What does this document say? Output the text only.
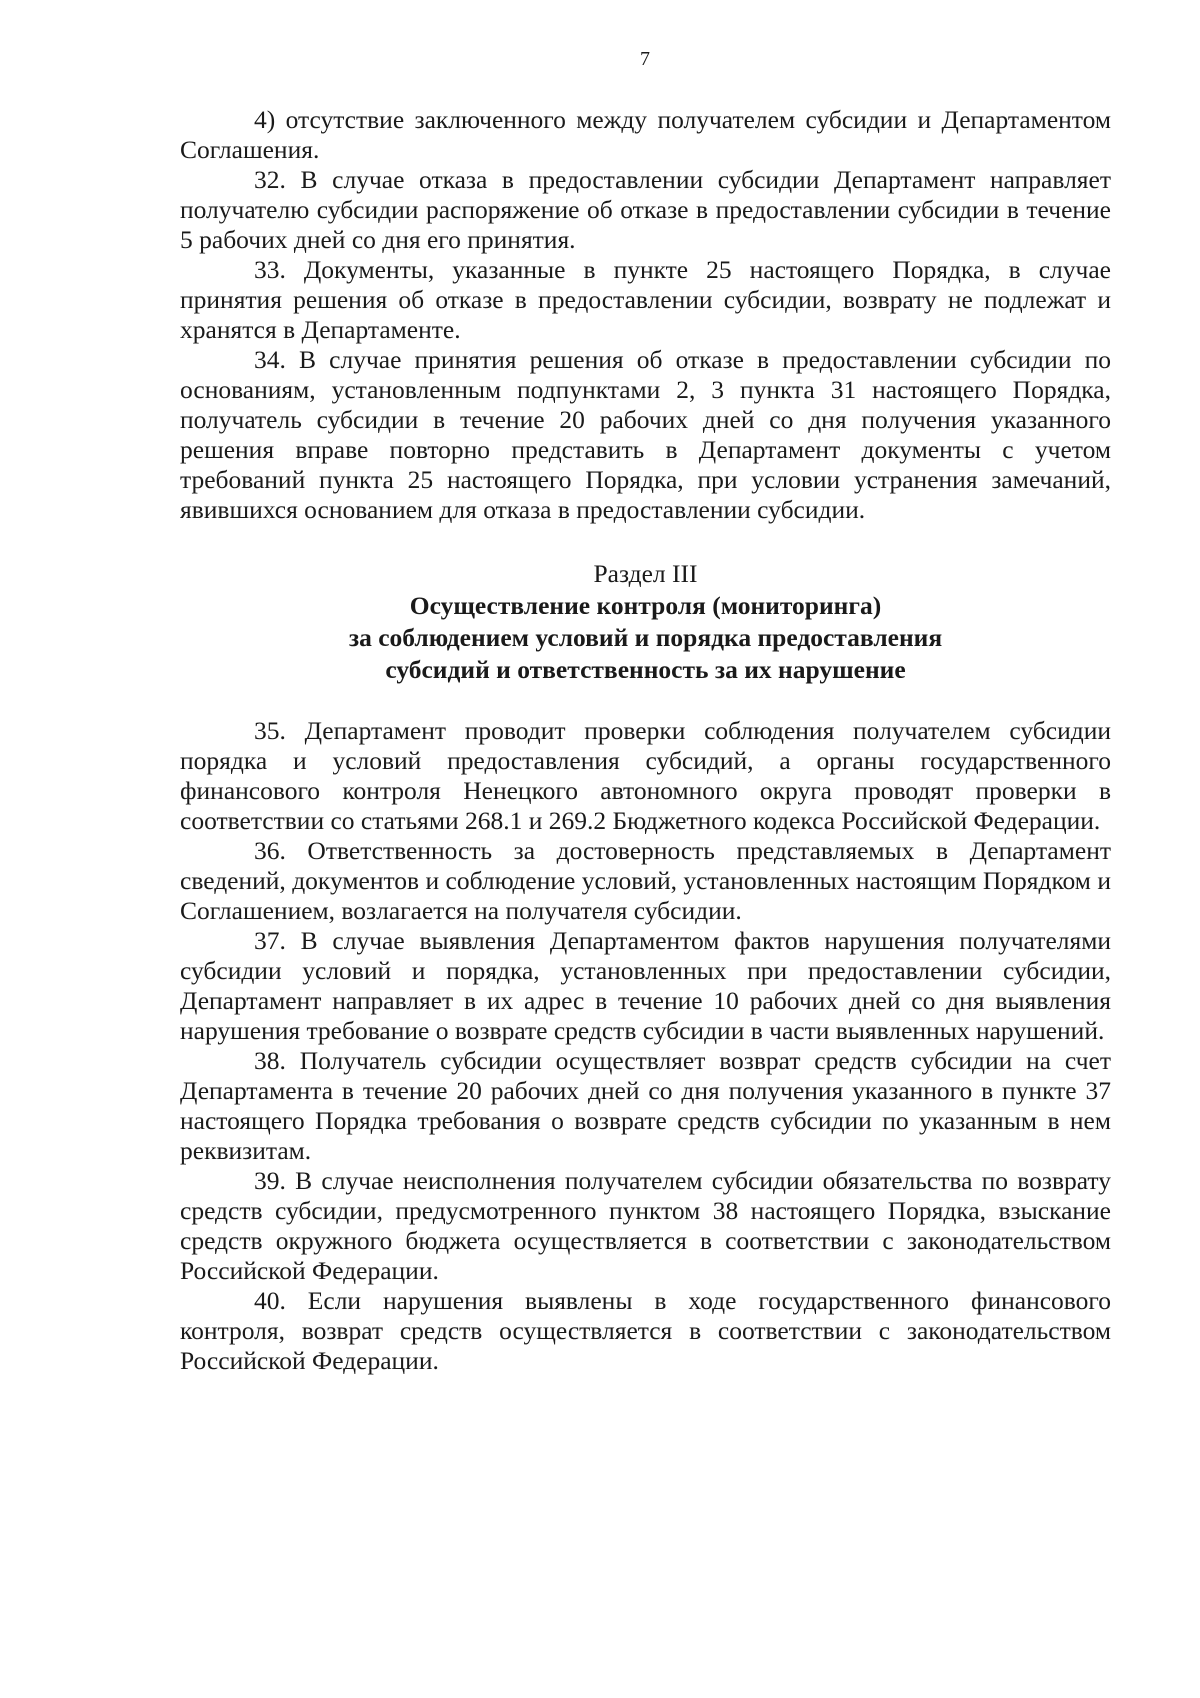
7

4) отсутствие заключенного между получателем субсидии и Департаментом Соглашения.

32. В случае отказа в предоставлении субсидии Департамент направляет получателю субсидии распоряжение об отказе в предоставлении субсидии в течение 5 рабочих дней со дня его принятия.

33. Документы, указанные в пункте 25 настоящего Порядка, в случае принятия решения об отказе в предоставлении субсидии, возврату не подлежат и хранятся в Департаменте.

34. В случае принятия решения об отказе в предоставлении субсидии по основаниям, установленным подпунктами 2, 3 пункта 31 настоящего Порядка, получатель субсидии в течение 20 рабочих дней со дня получения указанного решения вправе повторно представить в Департамент документы с учетом требований пункта 25 настоящего Порядка, при условии устранения замечаний, явившихся основанием для отказа в предоставлении субсидии.

Раздел III
Осуществление контроля (мониторинга)
за соблюдением условий и порядка предоставления
субсидий и ответственность за их нарушение

35. Департамент проводит проверки соблюдения получателем субсидии порядка и условий предоставления субсидий, а органы государственного финансового контроля Ненецкого автономного округа проводят проверки в соответствии со статьями 268.1 и 269.2 Бюджетного кодекса Российской Федерации.

36. Ответственность за достоверность представляемых в Департамент сведений, документов и соблюдение условий, установленных настоящим Порядком и Соглашением, возлагается на получателя субсидии.

37. В случае выявления Департаментом фактов нарушения получателями субсидии условий и порядка, установленных при предоставлении субсидии, Департамент направляет в их адрес в течение 10 рабочих дней со дня выявления нарушения требование о возврате средств субсидии в части выявленных нарушений.

38. Получатель субсидии осуществляет возврат средств субсидии на счет Департамента в течение 20 рабочих дней со дня получения указанного в пункте 37 настоящего Порядка требования о возврате средств субсидии по указанным в нем реквизитам.

39. В случае неисполнения получателем субсидии обязательства по возврату средств субсидии, предусмотренного пунктом 38 настоящего Порядка, взыскание средств окружного бюджета осуществляется в соответствии с законодательством Российской Федерации.

40. Если нарушения выявлены в ходе государственного финансового контроля, возврат средств осуществляется в соответствии с законодательством Российской Федерации.
